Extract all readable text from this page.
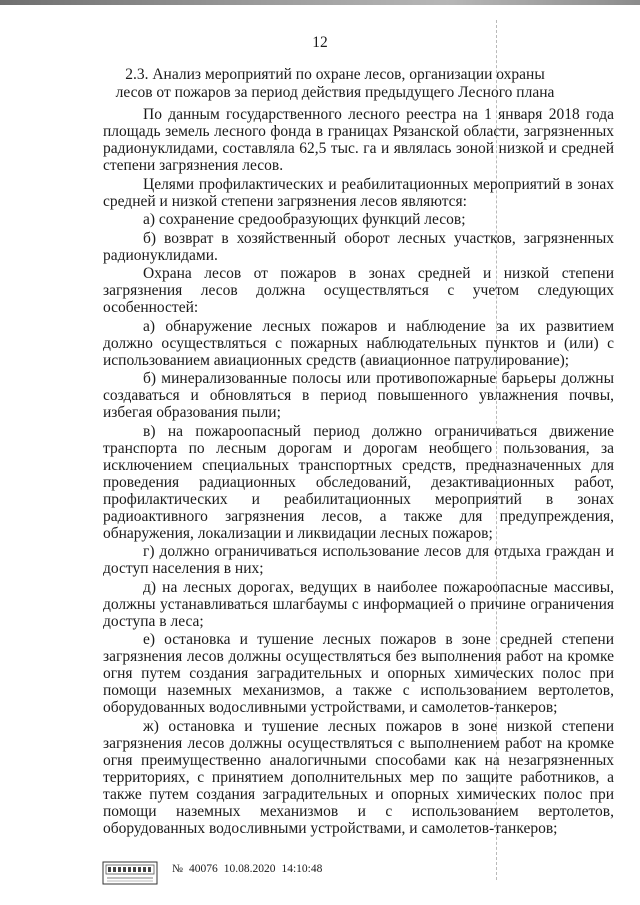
12
2.3. Анализ мероприятий по охране лесов, организации охраны
лесов от пожаров за период действия предыдущего Лесного плана

По данным государственного лесного реестра на 1 января 2018 года площадь земель лесного фонда в границах Рязанской области, загрязненных радионуклидами, составляла 62,5 тыс. га и являлась зоной низкой и средней степени загрязнения лесов.

Целями профилактических и реабилитационных мероприятий в зонах средней и низкой степени загрязнения лесов являются:

а) сохранение средообразующих функций лесов;

б) возврат в хозяйственный оборот лесных участков, загрязненных радионуклидами.

Охрана лесов от пожаров в зонах средней и низкой степени загрязнения лесов должна осуществляться с учетом следующих особенностей:

а) обнаружение лесных пожаров и наблюдение за их развитием должно осуществляться с пожарных наблюдательных пунктов и (или) с использованием авиационных средств (авиационное патрулирование);

б) минерализованные полосы или противопожарные барьеры должны создаваться и обновляться в период повышенного увлажнения почвы, избегая образования пыли;

в) на пожароопасный период должно ограничиваться движение транспорта по лесным дорогам и дорогам необщего пользования, за исключением специальных транспортных средств, предназначенных для проведения радиационных обследований, дезактивационных работ, профилактических и реабилитационных мероприятий в зонах радиоактивного загрязнения лесов, а также для предупреждения, обнаружения, локализации и ликвидации лесных пожаров;

г) должно ограничиваться использование лесов для отдыха граждан и доступ населения в них;

д) на лесных дорогах, ведущих в наиболее пожароопасные массивы, должны устанавливаться шлагбаумы с информацией о причине ограничения доступа в леса;

е) остановка и тушение лесных пожаров в зоне средней степени загрязнения лесов должны осуществляться без выполнения работ на кромке огня путем создания заградительных и опорных химических полос при помощи наземных механизмов, а также с использованием вертолетов, оборудованных водосливными устройствами, и самолетов-танкеров;

ж) остановка и тушение лесных пожаров в зоне низкой степени загрязнения лесов должны осуществляться с выполнением работ на кромке огня преимущественно аналогичными способами как на незагрязненных территориях, с принятием дополнительных мер по защите работников, а также путем создания заградительных и опорных химических полос при помощи наземных механизмов и с использованием вертолетов, оборудованных водосливными устройствами, и самолетов-танкеров;

№ 40076 10.08.2020 14:10:48
